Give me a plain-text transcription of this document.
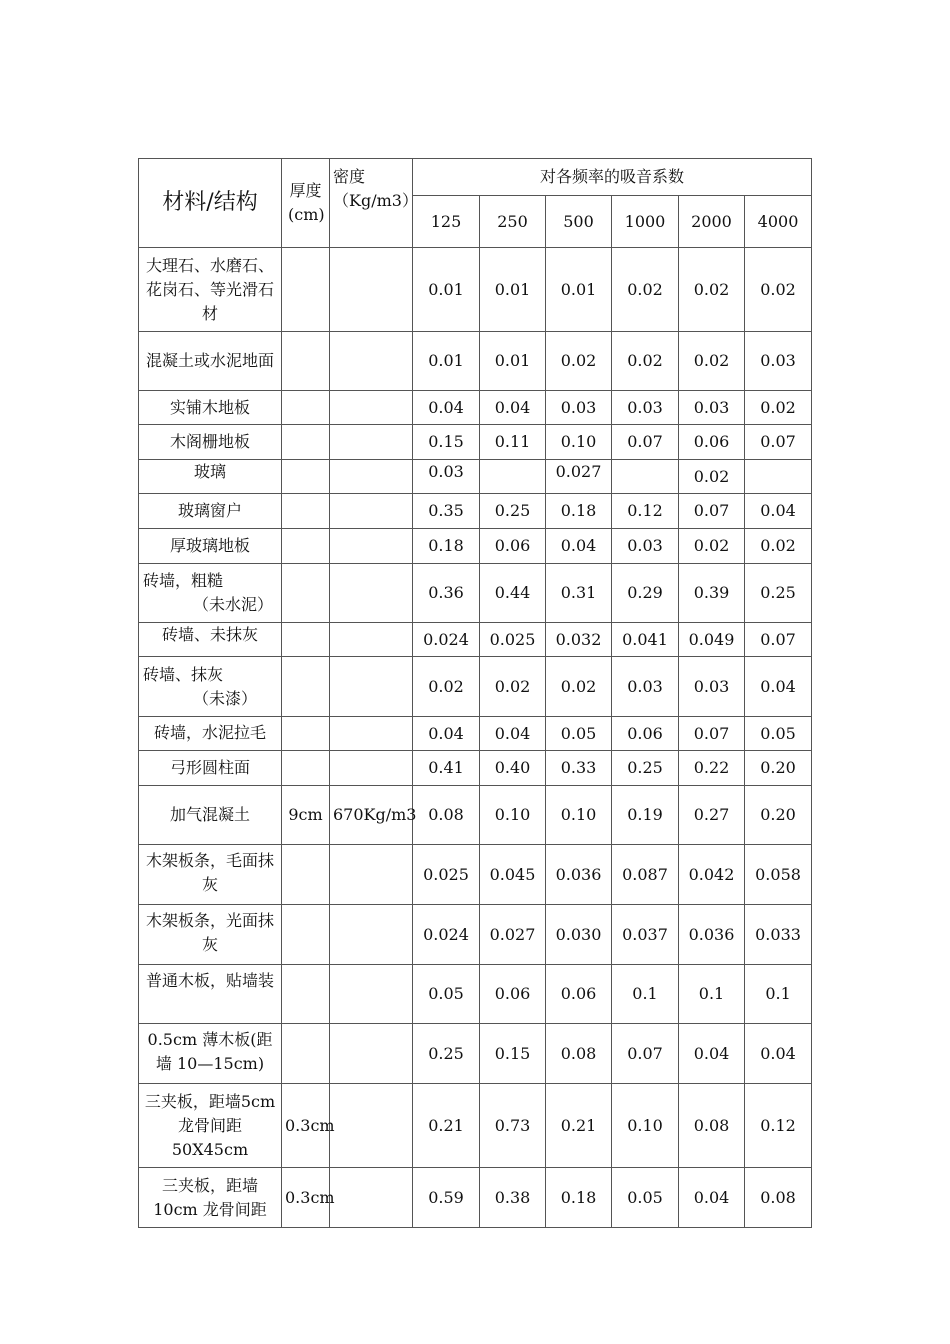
材料/结构	厚度(cm)	密度（Kg/m3）	对各频率的吸音系数					
			125	250	500	1000	2000	4000
大理石、水磨石、花岗石、等光滑石材			0.01	0.01	0.01	0.02	0.02	0.02
混凝土或水泥地面			0.01	0.01	0.02	0.02	0.02	0.03
实铺木地板			0.04	0.04	0.03	0.03	0.03	0.02
木阁栅地板			0.15	0.11	0.10	0.07	0.06	0.07
玻璃			0.03		0.027		0.02	
玻璃窗户			0.35	0.25	0.18	0.12	0.07	0.04
厚玻璃地板			0.18	0.06	0.04	0.03	0.02	0.02

砖墙，粗糙
（未水泥）			0.36	0.44	0.31	0.29	0.39	0.25
砖墙、未抹灰			0.024	0.025	0.032	0.041	0.049	0.07

砖墙、抹灰
（未漆）			0.02	0.02	0.02	0.03	0.03	0.04

砖墙，水泥拉毛			0.04	0.04	0.05	0.06	0.07	0.05
弓形圆柱面			0.41	0.40	0.33	0.25	0.22	0.20
加气混凝土	9cm	670Kg/m3	0.08	0.10	0.10	0.19	0.27	0.20
木架板条，毛面抹灰			0.025	0.045	0.036	0.087	0.042	0.058
木架板条，光面抹灰			0.024	0.027	0.030	0.037	0.036	0.033
普通木板，贴墙装			0.05	0.06	0.06	0.1	0.1	0.1
0.5cm 薄木板(距墙 10—15cm)			0.25	0.15	0.08	0.07	0.04	0.04
三夹板，距墙5cm 龙骨间距50X45cm	0.3cm		0.21	0.73	0.21	0.10	0.08	0.12
三夹板，距墙10cm 龙骨间距	0.3cm		0.59	0.38	0.18	0.05	0.04	0.08
